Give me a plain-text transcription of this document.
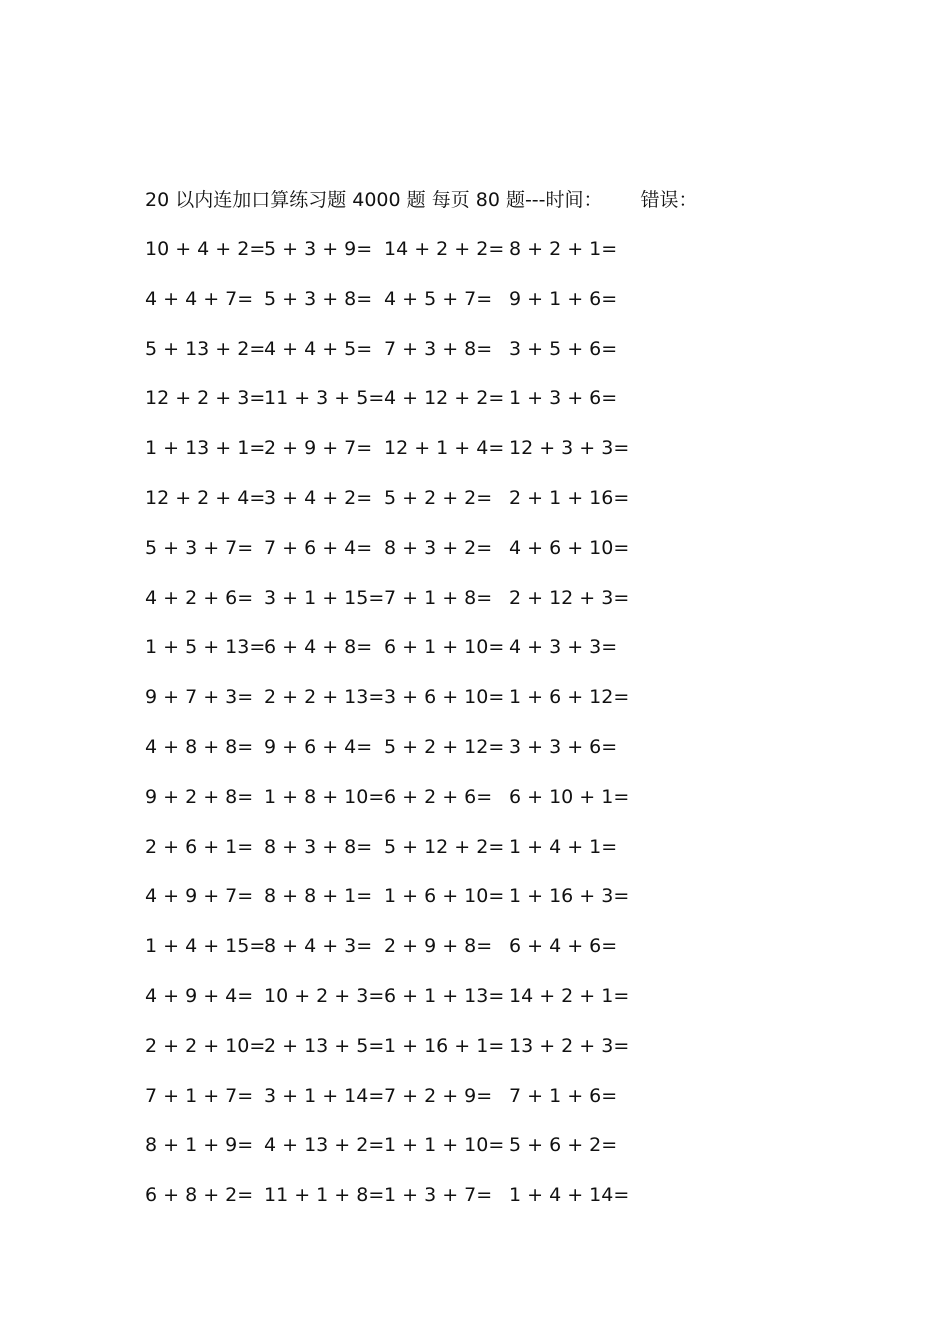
20 以内连加口算练习题 4000 题 每页 80 题---时间： 错误：
10 + 4 + 2=
5 + 3 + 9= 14 + 2 + 2= 8 + 2 + 1=
4 + 4 + 7= 5 + 3 + 8= 4 + 5 + 7= 9 + 1 + 6=
5 + 13 + 2=
4 + 4 + 5= 7 + 3 + 8= 3 + 5 + 6=
12 + 2 + 3=
11 + 3 + 5= 4 + 12 + 2= 1 + 3 + 6=
1 + 13 + 1=
2 + 9 + 7= 12 + 1 + 4= 12 + 3 + 3=
12 + 2 + 4=
3 + 4 + 2= 5 + 2 + 2= 2 + 1 + 16=
5 + 3 + 7= 7 + 6 + 4= 8 + 3 + 2= 4 + 6 + 10=
4 + 2 + 6= 3 + 1 + 15= 7 + 1 + 8= 2 + 12 + 3=
1 + 5 + 13=
6 + 4 + 8= 6 + 1 + 10= 4 + 3 + 3=
9 + 7 + 3= 2 + 2 + 13= 3 + 6 + 10= 1 + 6 + 12=
4 + 8 + 8= 9 + 6 + 4= 5 + 2 + 12= 3 + 3 + 6=
9 + 2 + 8= 1 + 8 + 10= 6 + 2 + 6= 6 + 10 + 1=
2 + 6 + 1= 8 + 3 + 8= 5 + 12 + 2= 1 + 4 + 1=
4 + 9 + 7= 8 + 8 + 1= 1 + 6 + 10= 1 + 16 + 3=
1 + 4 + 15=
8 + 4 + 3= 2 + 9 + 8= 6 + 4 + 6=
4 + 9 + 4= 10 + 2 + 3= 6 + 1 + 13= 14 + 2 + 1=
2 + 2 + 10=
2 + 13 + 5= 1 + 16 + 1= 13 + 2 + 3=
7 + 1 + 7= 3 + 1 + 14= 7 + 2 + 9= 7 + 1 + 6=
8 + 1 + 9= 4 + 13 + 2= 1 + 1 + 10= 5 + 6 + 2=
6 + 8 + 2= 11 + 1 + 8= 1 + 3 + 7= 1 + 4 + 14=
